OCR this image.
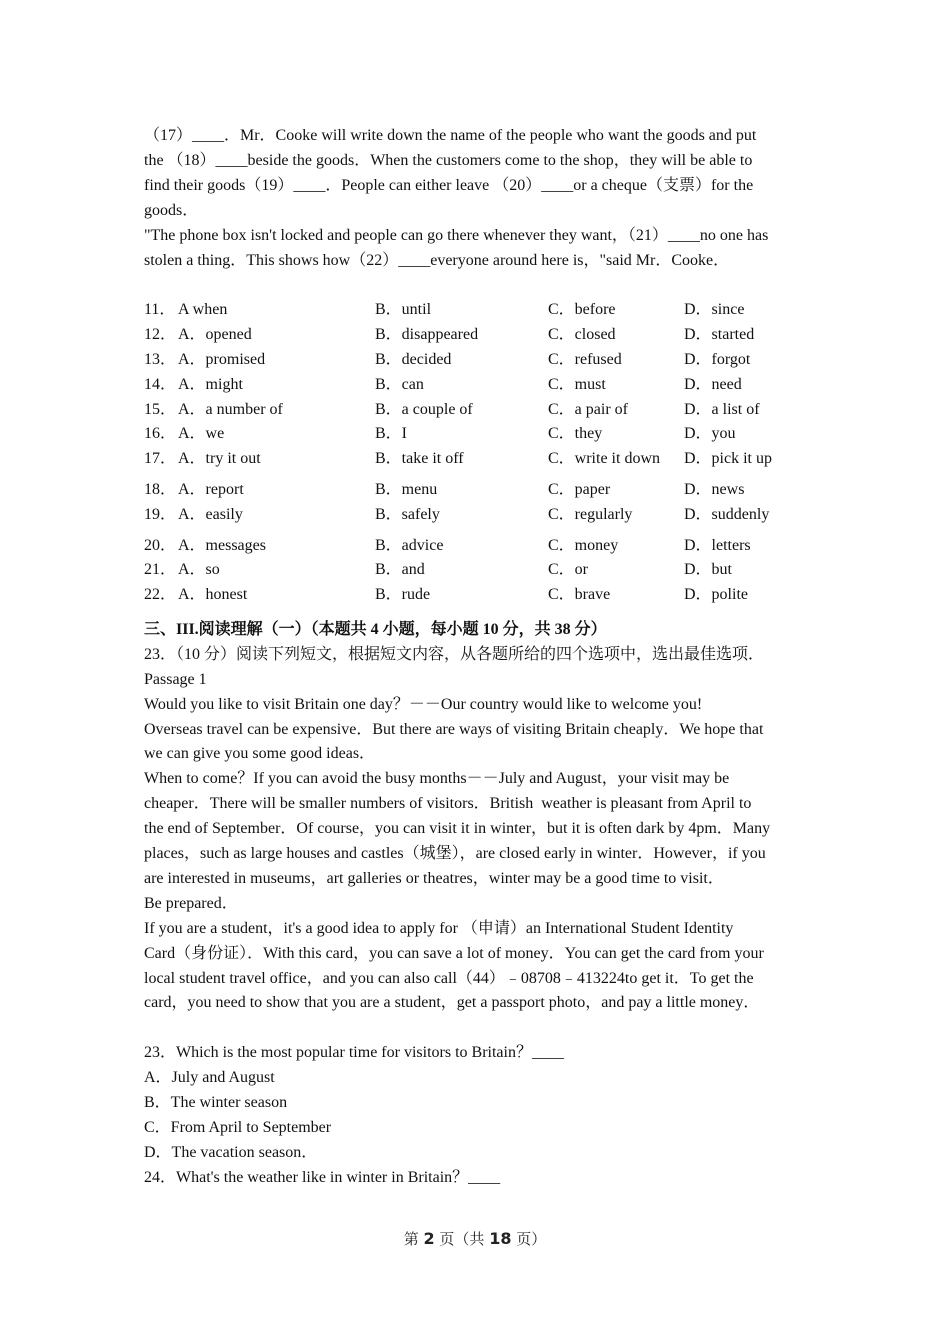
（17）____．Mr．Cooke will write down the name of the people who want the goods and put

the （18）____beside the goods．When the customers come to the shop，they will be able to

find their goods（19）____．People can either leave （20）____or a cheque（支票）for the

goods．

"The phone box isn't locked and people can go there whenever they want，（21）____no one has

stolen a thing．This shows how（22）____everyone around here is，"said Mr．Cooke．

11． A when	B．until	C．before	D．since
12． A．opened	B．disappeared	C．closed	D．started
13． A．promised	B．decided	C．refused	D．forgot
14． A．might	B．can	C．must	D．need
15． A．a number of	B．a couple of	C．a pair of	D．a list of
16． A．we	B．I	C．they	D．you
17． A．try it out	B．take it off	C．write it down D．pick it up
18． A．report	B．menu	C．paper	D．news
19． A．easily	B．safely	C．regularly	D．suddenly
20． A．messages	B．advice	C．money	D．letters
21． A．so	B．and	C．or	D．but
22． A．honest	B．rude	C．brave	D．polite
三、III.阅读理解（一）（本题共 4 小题，每小题 10 分，共 38 分）

23．（10 分）阅读下列短文，根据短文内容，从各题所给的四个选项中，选出最佳选项．

Passage 1

Would you like to visit Britain one day？－－Our country would like to welcome you!

Overseas travel can be expensive．But there are ways of visiting Britain cheaply．We hope that

we can give you some good ideas．

When to come？If you can avoid the busy months－－July and August，your visit may be

cheaper．There will be smaller numbers of visitors．British  weather is pleasant from April to

the end of September．Of course，you can visit it in winter，but it is often dark by 4pm．Many

places，such as large houses and castles（城堡），are closed early in winter．However，if you

are interested in museums，art galleries or theatres，winter may be a good time to visit．

Be prepared．

If you are a student，it's a good idea to apply for （申请）an International Student Identity

Card（身份证）．With this card，you can save a lot of money．You can get the card from your

local student travel office，and you can also call（44）﹣08708﹣413224to get it．To get the

card，you need to show that you are a student，get a passport photo，and pay a little money．

23．Which is the most popular time for visitors to Britain？____

A．July and August

B．The winter season

C．From April to September

D．The vacation season．

24．What's the weather like in winter in Britain？____

第 2 页（共 18 页）
